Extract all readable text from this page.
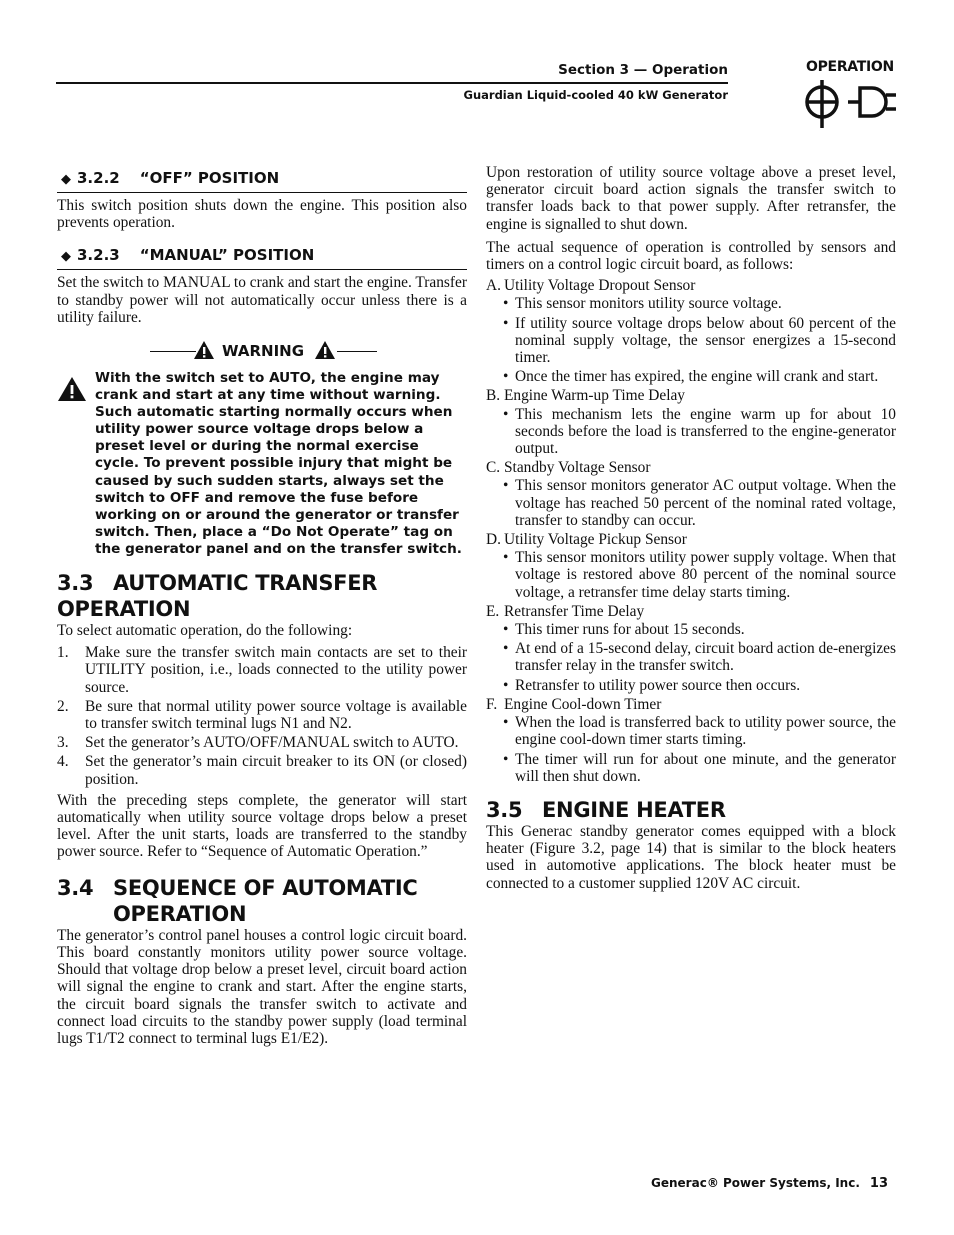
Section 3 — Operation
Guardian Liquid-cooled 40 kW Generator
OPERATION
◆ 3.2.2 “OFF” POSITION

This switch position shuts down the engine. This position also prevents operation.

◆ 3.2.3 “MANUAL” POSITION

Set the switch to MANUAL to crank and start the engine. Transfer to standby power will not automatically occur unless there is a utility failure.

WARNING
With the switch set to AUTO, the engine may crank and start at any time without warning. Such automatic starting normally occurs when utility power source voltage drops below a preset level or during the normal exercise cycle. To prevent possible injury that might be caused by such sudden starts, always set the switch to OFF and remove the fuse before working on or around the generator or transfer switch. Then, place a “Do Not Operate” tag on the generator panel and on the transfer switch.
3.3 AUTOMATIC TRANSFER OPERATION

To select automatic operation, do the following:

1. Make sure the transfer switch main contacts are set to their UTILITY position, i.e., loads connected to the utility power source.
2. Be sure that normal utility power source voltage is available to transfer switch terminal lugs N1 and N2.
3. Set the generator’s AUTO/OFF/MANUAL switch to AUTO.
4. Set the generator’s main circuit breaker to its ON (or closed) position.

With the preceding steps complete, the generator will start automatically when utility source voltage drops below a preset level. After the unit starts, loads are transferred to the standby power source. Refer to “Sequence of Automatic Operation.”

3.4 SEQUENCE OF AUTOMATIC
OPERATION

The generator’s control panel houses a control logic circuit board. This board constantly monitors utility power source voltage. Should that voltage drop below a preset level, circuit board action will signal the engine to crank and start. After the engine starts, the circuit board signals the transfer switch to activate and connect load circuits to the standby power supply (load terminal lugs T1/T2 connect to terminal lugs E1/E2).

Upon restoration of utility source voltage above a preset level, generator circuit board action signals the transfer switch to transfer loads back to that power supply. After retransfer, the engine is signalled to shut down.

The actual sequence of operation is controlled by sensors and timers on a control logic circuit board, as follows:

A. Utility Voltage Dropout Sensor
• This sensor monitors utility source voltage.
• If utility source voltage drops below about 60 percent of the nominal supply voltage, the sensor energizes a 15-second timer.
• Once the timer has expired, the engine will crank and start.
B. Engine Warm-up Time Delay
• This mechanism lets the engine warm up for about 10 seconds before the load is transferred to the engine-generator output.
C. Standby Voltage Sensor
• This sensor monitors generator AC output voltage. When the voltage has reached 50 percent of the nominal rated voltage, transfer to standby can occur.
D. Utility Voltage Pickup Sensor
• This sensor monitors utility power supply voltage. When that voltage is restored above 80 percent of the nominal source voltage, a retransfer time delay starts timing.
E. Retransfer Time Delay
• This timer runs for about 15 seconds.
• At end of a 15-second delay, circuit board action de-energizes transfer relay in the transfer switch.
• Retransfer to utility power source then occurs.
F. Engine Cool-down Timer
• When the load is transferred back to utility power source, the engine cool-down timer starts timing.
• The timer will run for about one minute, and the generator will then shut down.
3.5 ENGINE HEATER

This Generac standby generator comes equipped with a block heater (Figure 3.2, page 14) that is similar to the block heaters used in automotive applications. The block heater must be connected to a customer supplied 120V AC circuit.

Generac® Power Systems, Inc. 13
